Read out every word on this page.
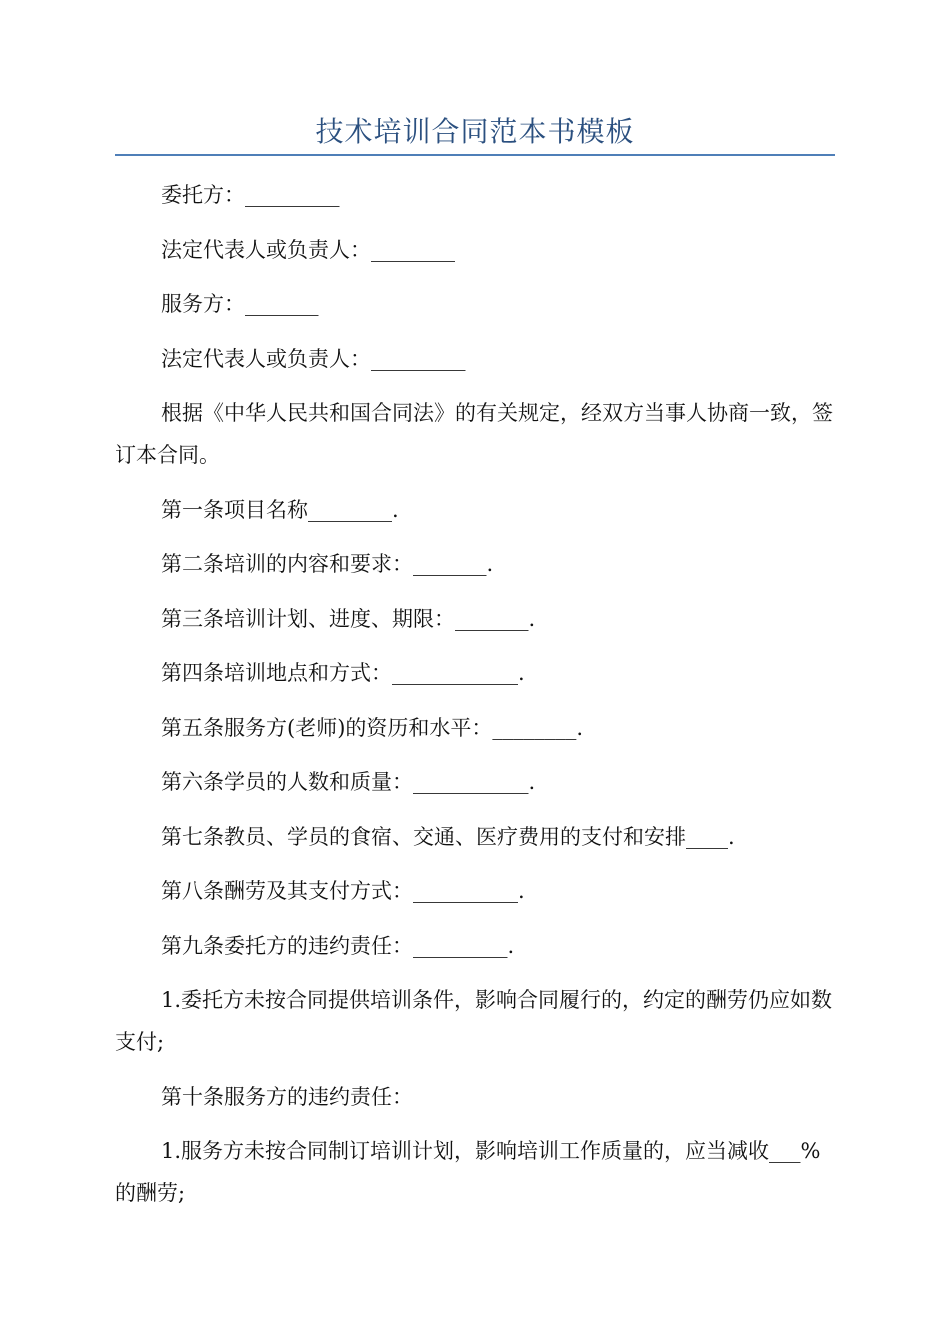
技术培训合同范本书模板

委托方：_________

法定代表人或负责人：________

服务方：_______

法定代表人或负责人：_________

根据《中华人民共和国合同法》的有关规定，经双方当事人协商一致，签订本合同。

第一条项目名称________.

第二条培训的内容和要求：_______.

第三条培训计划、进度、期限：_______.

第四条培训地点和方式：____________.

第五条服务方(老师)的资历和水平：________.

第六条学员的人数和质量：___________.

第七条教员、学员的食宿、交通、医疗费用的支付和安排____.

第八条酬劳及其支付方式：__________.

第九条委托方的违约责任：_________.

1.委托方未按合同提供培训条件，影响合同履行的，约定的酬劳仍应如数支付;

第十条服务方的违约责任：

1.服务方未按合同制订培训计划，影响培训工作质量的，应当减收___%的酬劳;
